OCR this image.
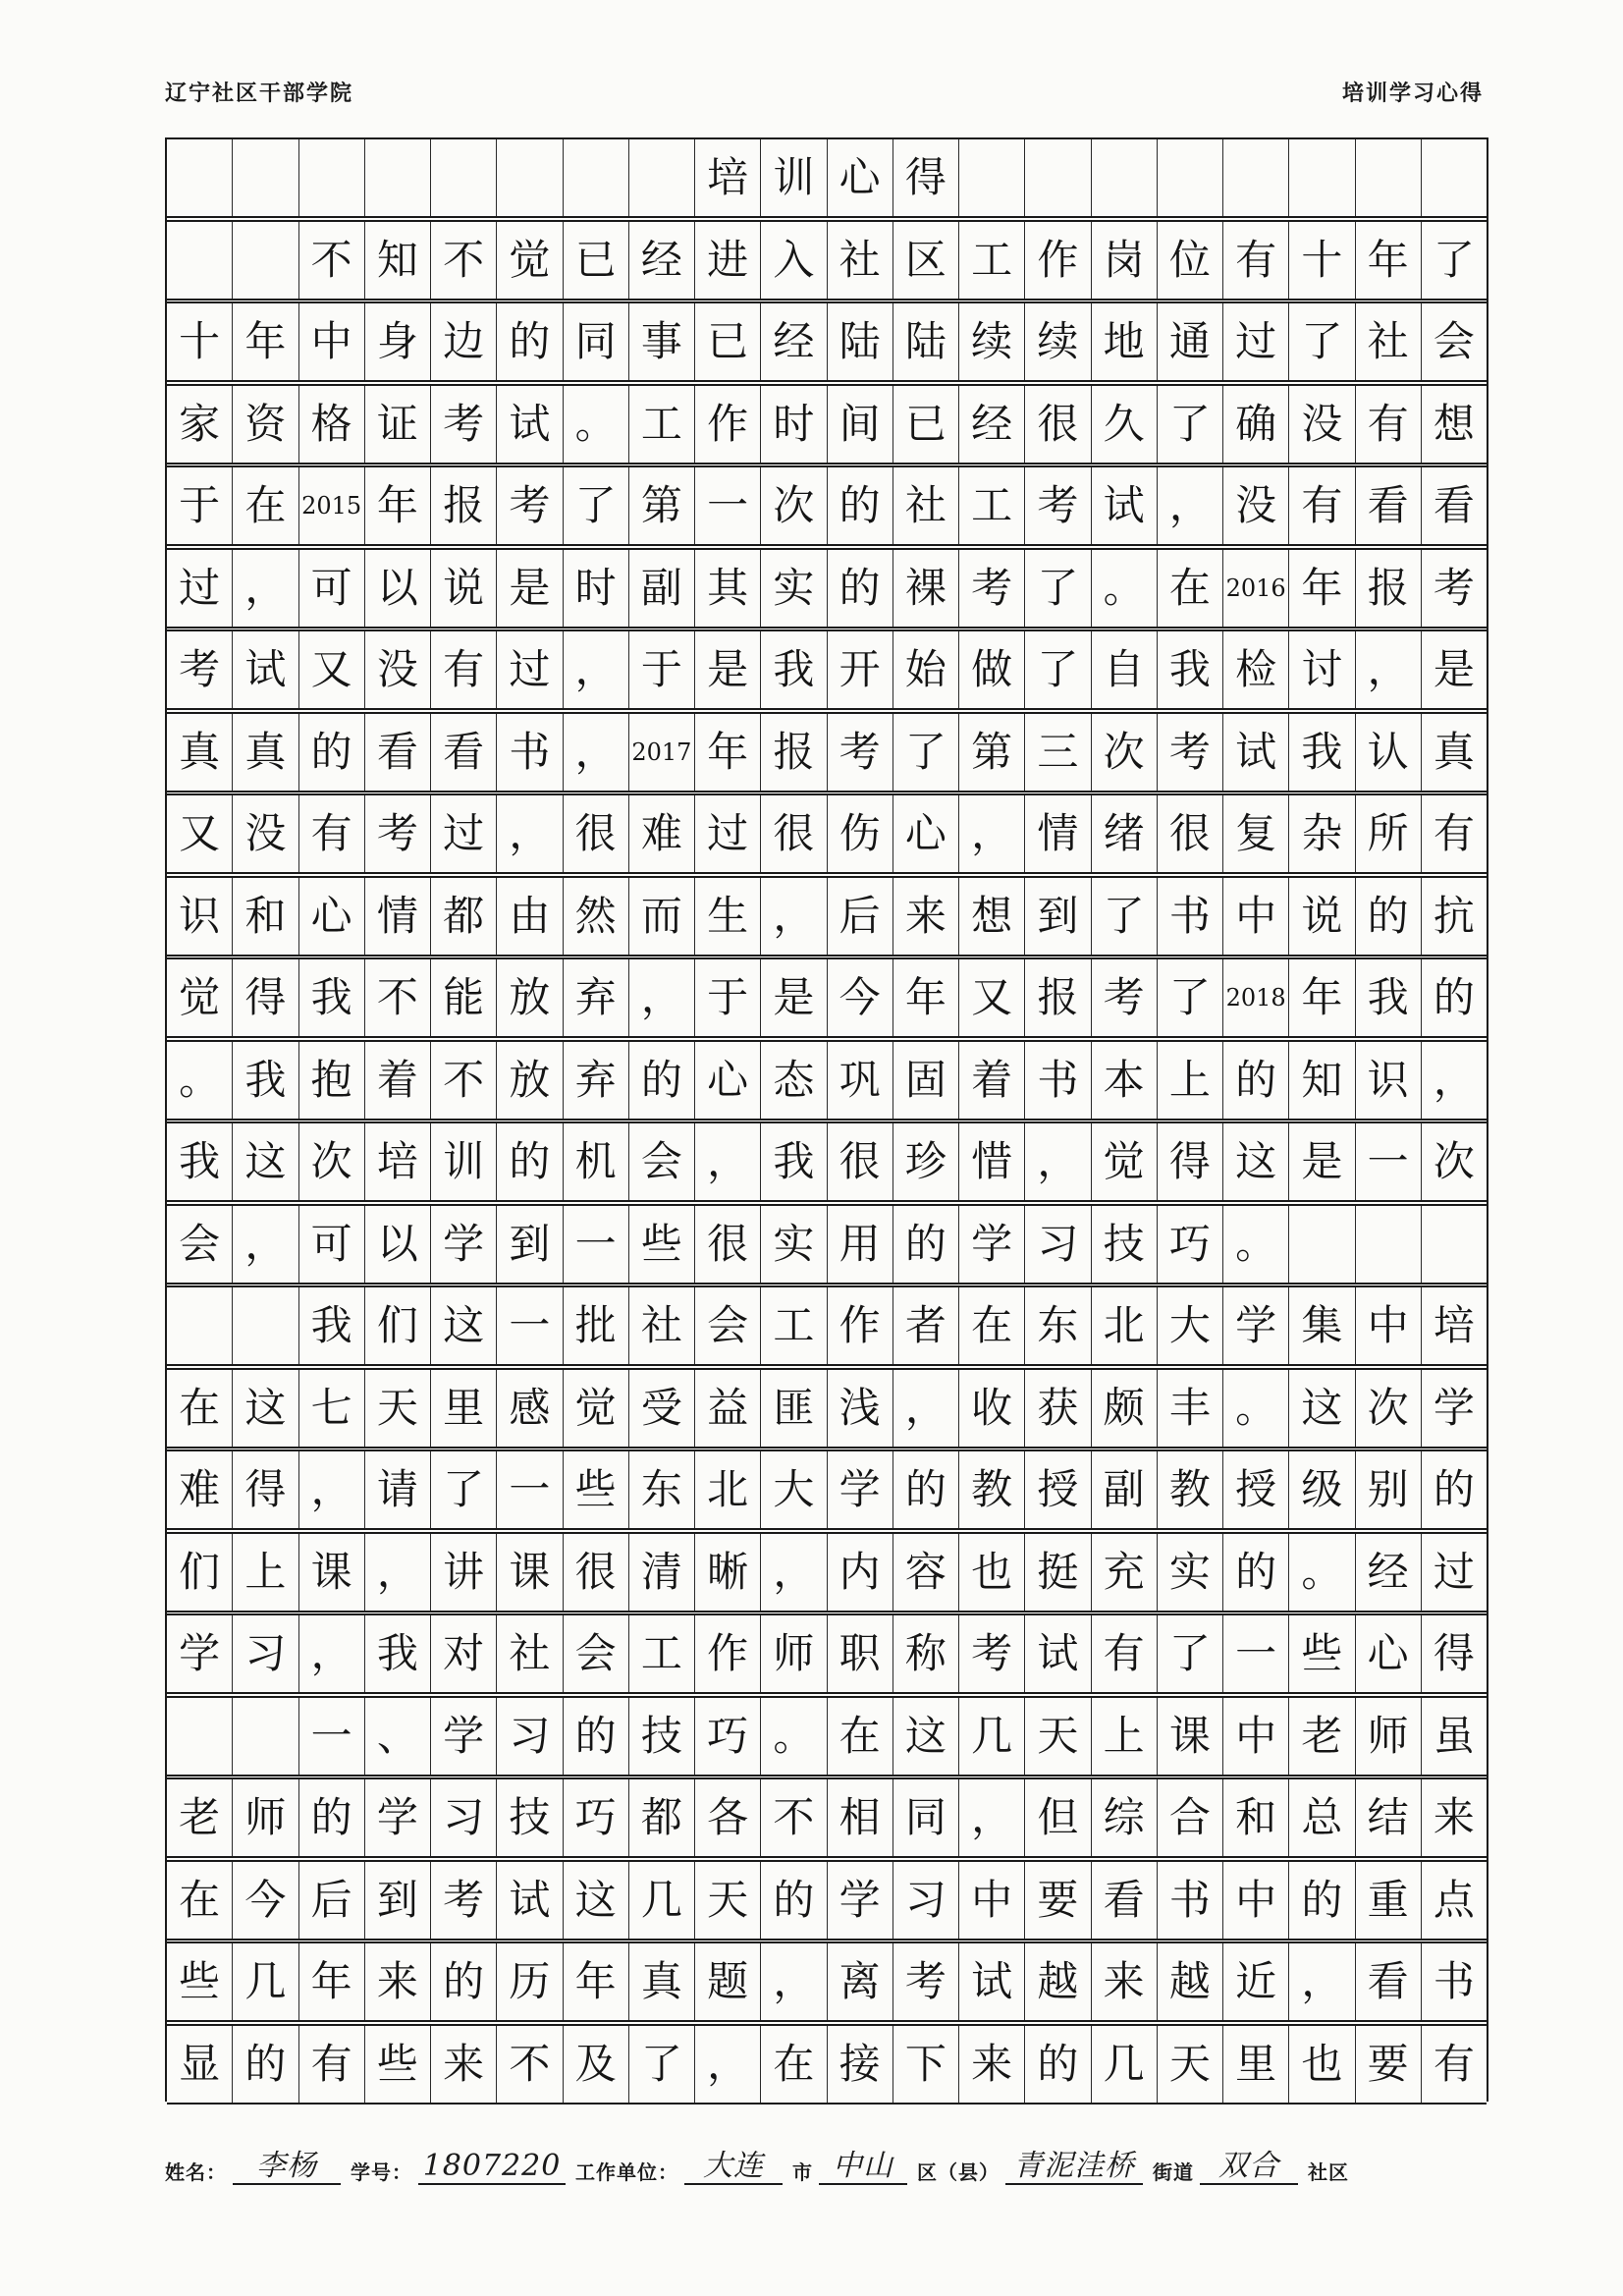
辽宁社区干部学院	培训学习心得
培 训 心 得
不 知 不 觉 已 经 进 入 社 区 工 作 岗 位 有 十 年 了
十 年 中 身 边 的 同 事 已 经 陆 陆 续 续 地 通 过 了 社 会
家 资 格 证 考 试 。 工 作 时 间 已 经 很 久 了 确 没 有 想
于 在 2015 年 报 考 了 第 一 次 的 社 工 考 试 ， 没 有 看 看
过 ， 可 以 说 是 时 副 其 实 的 裸 考 了 。 在 2016 年 报 考
考 试 又 没 有 过 ， 于 是 我 开 始 做 了 自 我 检 讨 ， 是
真 真 的 看 看 书 ， 2017 年 报 考 了 第 三 次 考 试 我 认 真
又 没 有 考 过 ， 很 难 过 很 伤 心 ， 情 绪 很 复 杂 所 有
识 和 心 情 都 由 然 而 生 ， 后 来 想 到 了 书 中 说 的 抗
觉 得 我 不 能 放 弃 ， 于 是 今 年 又 报 考 了 2018 年 我 的
。 我 抱 着 不 放 弃 的 心 态 巩 固 着 书 本 上 的 知 识 ，
我 这 次 培 训 的 机 会 ， 我 很 珍 惜 ， 觉 得 这 是 一 次
会 ， 可 以 学 到 一 些 很 实 用 的 学 习 技 巧 。
我 们 这 一 批 社 会 工 作 者 在 东 北 大 学 集 中 培
在 这 七 天 里 感 觉 受 益 匪 浅 ， 收 获 颇 丰 。 这 次 学
难 得 ， 请 了 一 些 东 北 大 学 的 教 授 副 教 授 级 别 的
们 上 课 ， 讲 课 很 清 晰 ， 内 容 也 挺 充 实 的 。 经 过
学 习 ， 我 对 社 会 工 作 师 职 称 考 试 有 了 一 些 心 得
一 、 学 习 的 技 巧 。 在 这 几 天 上 课 中 老 师 虽
老 师 的 学 习 技 巧 都 各 不 相 同 ， 但 综 合 和 总 结 来
在 今 后 到 考 试 这 几 天 的 学 习 中 要 看 书 中 的 重 点
些 几 年 来 的 历 年 真 题 ， 离 考 试 越 来 越 近 ， 看 书
显 的 有 些 来 不 及 了 ， 在 接 下 来 的 几 天 里 也 要 有
姓名：	李杨	学号： 1807220 工作单位： 大连	市 中山	区（县） 青泥洼桥 街道 双合	社区
